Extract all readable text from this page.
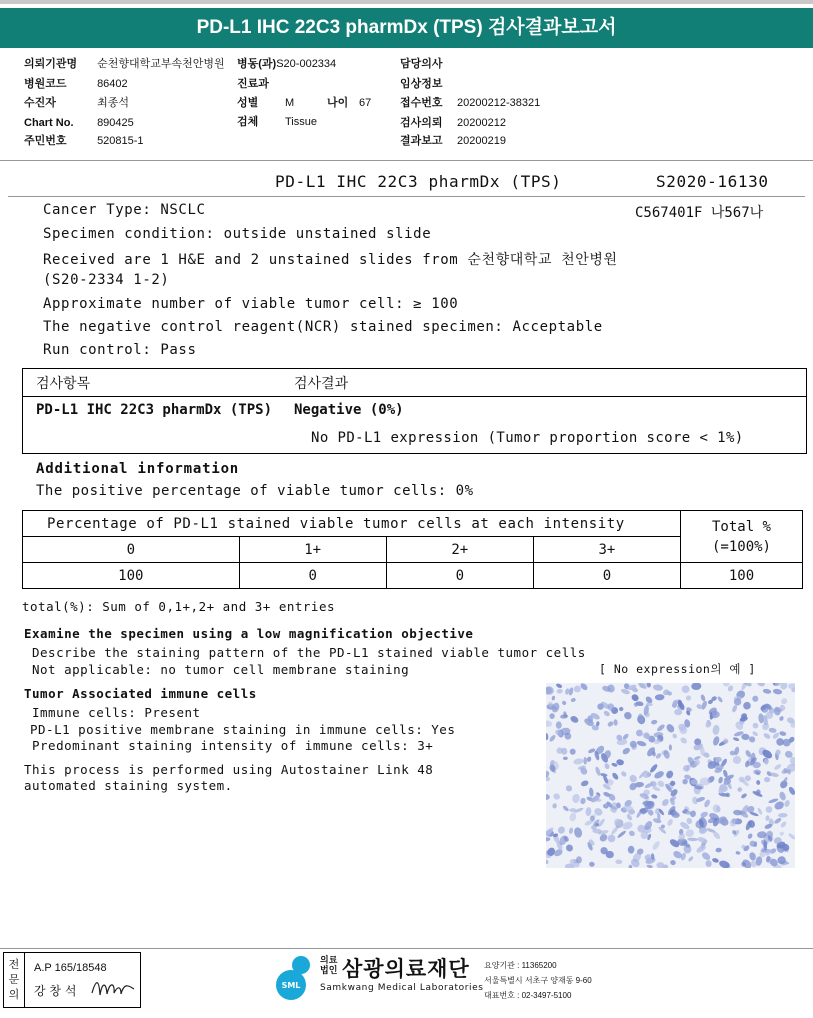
PD-L1 IHC 22C3 pharmDx (TPS) 검사결과보고서
의뢰기관명 순천향대학교부속천안병원
병원코드	86402
수진자	최종석
Chart No. 890425
주민번호	520815-1
병동(과)S20-002334
진료과
성별 M	나이 67
검체 Tissue
담당의사
임상정보
접수번호 20200212-38321
검사의뢰 20200212
결과보고 20200219
PD-L1 IHC 22C3 pharmDx (TPS)	S2020-16130
Cancer Type: NSCLC	C567401F 나567나
Specimen condition: outside unstained slide
Received are 1 H&E and 2 unstained slides from 순천향대학교 천안병원
(S20-2334 1-2)
Approximate number of viable tumor cell: ≥ 100
The negative control reagent(NCR) stained specimen: Acceptable
Run control: Pass
검사항목	검사결과
PD-L1 IHC 22C3 pharmDx (TPS) Negative (0%)
No PD-L1 expression (Tumor proportion score < 1%)
Additional information
The positive percentage of viable tumor cells: 0%
Percentage of PD-L1 stained viable tumor cells at each intensity				Total %
(=100%)

0	1+	2+	3+	
100	0	0	0	100
total(%): Sum of 0,1+,2+ and 3+ entries
Examine the specimen using a low magnification objective
Describe the staining pattern of the PD-L1 stained viable tumor cells
Not applicable: no tumor cell membrane staining	[ No expression의 예 ]
Tumor Associated immune cells
Immune cells: Present
PD-L1 positive membrane staining in immune cells: Yes
Predominant staining intensity of immune cells: 3+
This process is performed using Autostainer Link 48
automated staining system.
전문의
A.P 165/18548
강 창 석	SML
의료
법인 삼광의료재단
Samkwang Medical Laboratories
요양기관 : 11365200
서울특별시 서초구 양재동 9-60
대표번호 : 02-3497-5100
